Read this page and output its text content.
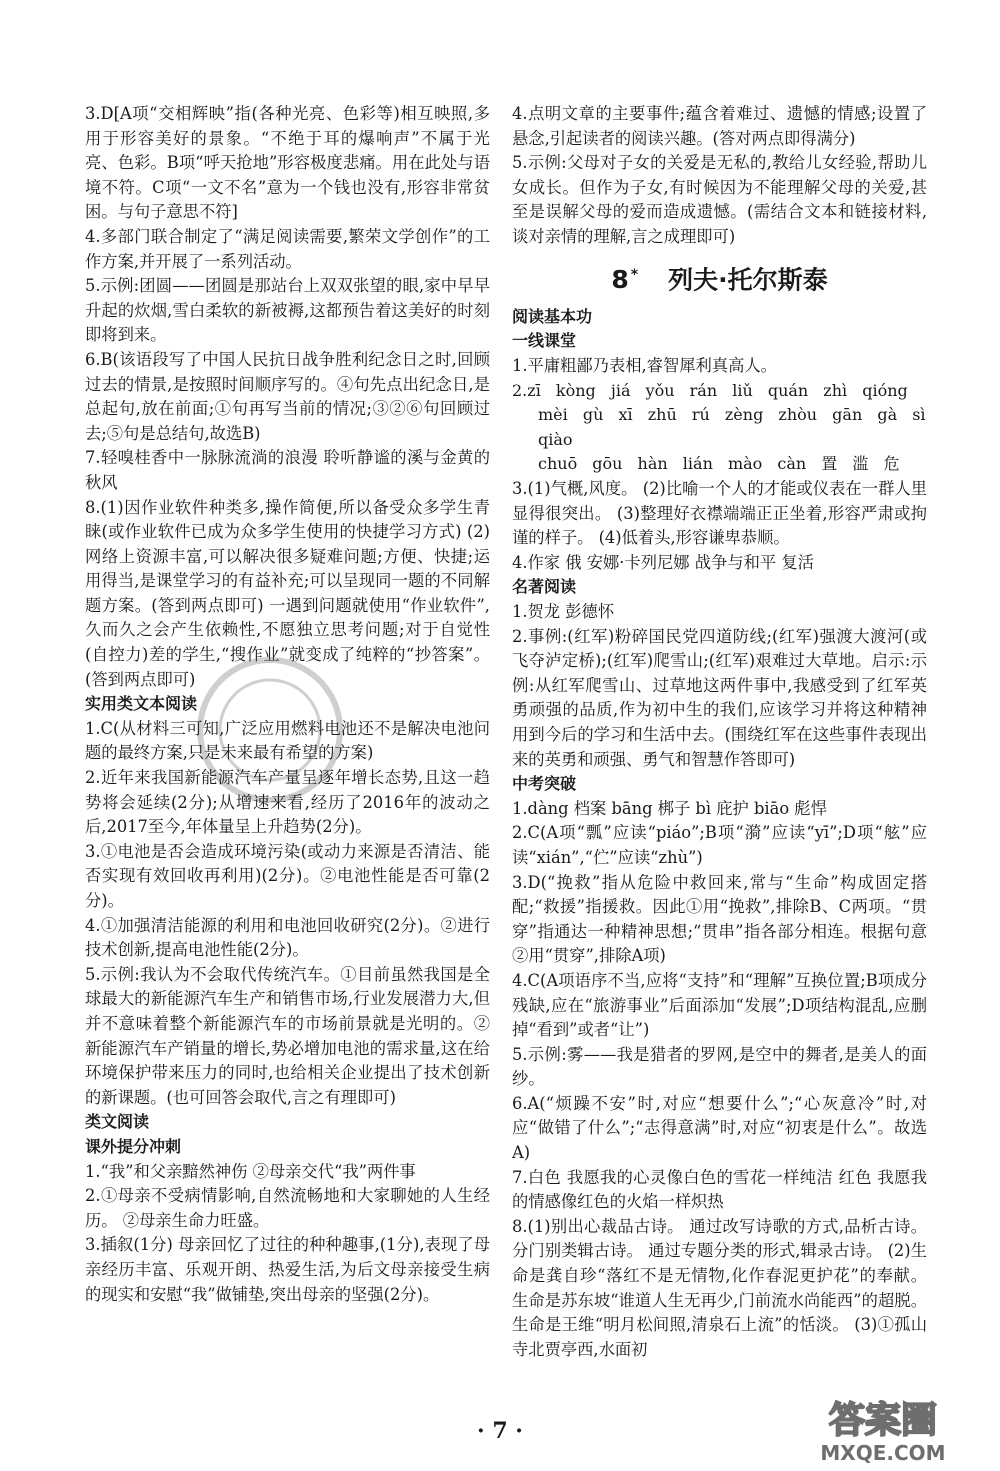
3.D[A项“交相辉映”指(各种光亮、色彩等)相互映照,多用于形容美好的景象。“不绝于耳的爆响声”不属于光亮、色彩。B项“呼天抢地”形容极度悲痛。用在此处与语境不符。C项“一文不名”意为一个钱也没有,形容非常贫困。与句子意思不符]

4.多部门联合制定了“满足阅读需要,繁荣文学创作”的工作方案,并开展了一系列活动。

5.示例:团圆——团圆是那站台上双双张望的眼,家中早早升起的炊烟,雪白柔软的新被褥,这都预告着这美好的时刻即将到来。

6.B(该语段写了中国人民抗日战争胜利纪念日之时,回顾过去的情景,是按照时间顺序写的。④句先点出纪念日,是总起句,放在前面;①句再写当前的情况;③②⑥句回顾过去;⑤句是总结句,故选B)

7.轻嗅桂香中一脉脉流淌的浪漫 聆听静谧的溪与金黄的秋风

8.(1)因作业软件种类多,操作简便,所以备受众多学生青睐(或作业软件已成为众多学生使用的快捷学习方式) (2)网络上资源丰富,可以解决很多疑难问题;方便、快捷;运用得当,是课堂学习的有益补充;可以呈现同一题的不同解题方案。(答到两点即可) 一遇到问题就使用“作业软件”,久而久之会产生依赖性,不愿独立思考问题;对于自觉性(自控力)差的学生,“搜作业”就变成了纯粹的“抄答案”。(答到两点即可)

实用类文本阅读

1.C(从材料三可知,广泛应用燃料电池还不是解决电池问题的最终方案,只是未来最有希望的方案)

2.近年来我国新能源汽车产量呈逐年增长态势,且这一趋势将会延续(2分);从增速来看,经历了2016年的波动之后,2017至今,年体量呈上升趋势(2分)。

3.①电池是否会造成环境污染(或动力来源是否清洁、能否实现有效回收再利用)(2分)。②电池性能是否可靠(2分)。

4.①加强清洁能源的利用和电池回收研究(2分)。②进行技术创新,提高电池性能(2分)。

5.示例:我认为不会取代传统汽车。①目前虽然我国是全球最大的新能源汽车生产和销售市场,行业发展潜力大,但并不意味着整个新能源汽车的市场前景就是光明的。②新能源汽车产销量的增长,势必增加电池的需求量,这在给环境保护带来压力的同时,也给相关企业提出了技术创新的新课题。(也可回答会取代,言之有理即可)

类文阅读

课外提分冲刺

1.“我”和父亲黯然神伤 ②母亲交代“我”两件事

2.①母亲不受病情影响,自然流畅地和大家聊她的人生经历。 ②母亲生命力旺盛。

3.插叙(1分) 母亲回忆了过往的种种趣事,(1分),表现了母亲经历丰富、乐观开朗、热爱生活,为后文母亲接受生病的现实和安慰“我”做铺垫,突出母亲的坚强(2分)。

4.点明文章的主要事件;蕴含着难过、遗憾的情感;设置了悬念,引起读者的阅读兴趣。(答对两点即得满分)

5.示例:父母对子女的关爱是无私的,教给儿女经验,帮助儿女成长。但作为子女,有时候因为不能理解父母的关爱,甚至是误解父母的爱而造成遗憾。(需结合文本和链接材料,谈对亲情的理解,言之成理即可)

8 * 列夫·托尔斯泰

阅读基本功

一线课堂

1.平庸粗鄙乃表相,睿智犀利真高人。

2.zī kòng jiá yǒu rán liǔ quán zhì qióng

mèi gù xī zhū rú zèng zhòu gān gà sì qiào

chuō gōu hàn lián mào càn 置 滥 危

3.(1)气概,风度。 (2)比喻一个人的才能或仪表在一群人里显得很突出。 (3)整理好衣襟端端正正坐着,形容严肃或拘谨的样子。 (4)低着头,形容谦卑恭顺。

4.作家 俄 安娜·卡列尼娜 战争与和平 复活

名著阅读

1.贺龙 彭德怀

2.事例:(红军)粉碎国民党四道防线;(红军)强渡大渡河(或飞夺泸定桥);(红军)爬雪山;(红军)艰难过大草地。启示:示例:从红军爬雪山、过草地这两件事中,我感受到了红军英勇顽强的品质,作为初中生的我们,应该学习并将这种精神用到今后的学习和生活中去。(围绕红军在这些事件表现出来的英勇和顽强、勇气和智慧作答即可)

中考突破

1.dàng 档案 bāng 梆子 bì 庇护 biāo 彪悍

2.C(A项“瓢”应读“piáo”;B项“漪”应读“yī”;D项“舷”应读“xián”,“伫”应读“zhù”)

3.D(“挽救”指从危险中救回来,常与“生命”构成固定搭配;“救援”指援救。因此①用“挽救”,排除B、C两项。“贯穿”指通达一种精神思想;“贯串”指各部分相连。根据句意②用“贯穿”,排除A项)

4.C(A项语序不当,应将“支持”和“理解”互换位置;B项成分残缺,应在“旅游事业”后面添加“发展”;D项结构混乱,应删掉“看到”或者“让”)

5.示例:雾——我是猎者的罗网,是空中的舞者,是美人的面纱。

6.A(“烦躁不安”时,对应“想要什么”;“心灰意冷”时,对应“做错了什么”;“志得意满”时,对应“初衷是什么”。故选A)

7.白色 我愿我的心灵像白色的雪花一样纯洁 红色 我愿我的情感像红色的火焰一样炽热

8.(1)别出心裁品古诗。 通过改写诗歌的方式,品析古诗。 分门别类辑古诗。 通过专题分类的形式,辑录古诗。 (2)生命是龚自珍“落红不是无情物,化作春泥更护花”的奉献。 生命是苏东坡“谁道人生无再少,门前流水尚能西”的超脱。 生命是王维“明月松间照,清泉石上流”的恬淡。 (3)①孤山寺北贾亭西,水面初

· 7 ·	答案圈
MXQE.COM
